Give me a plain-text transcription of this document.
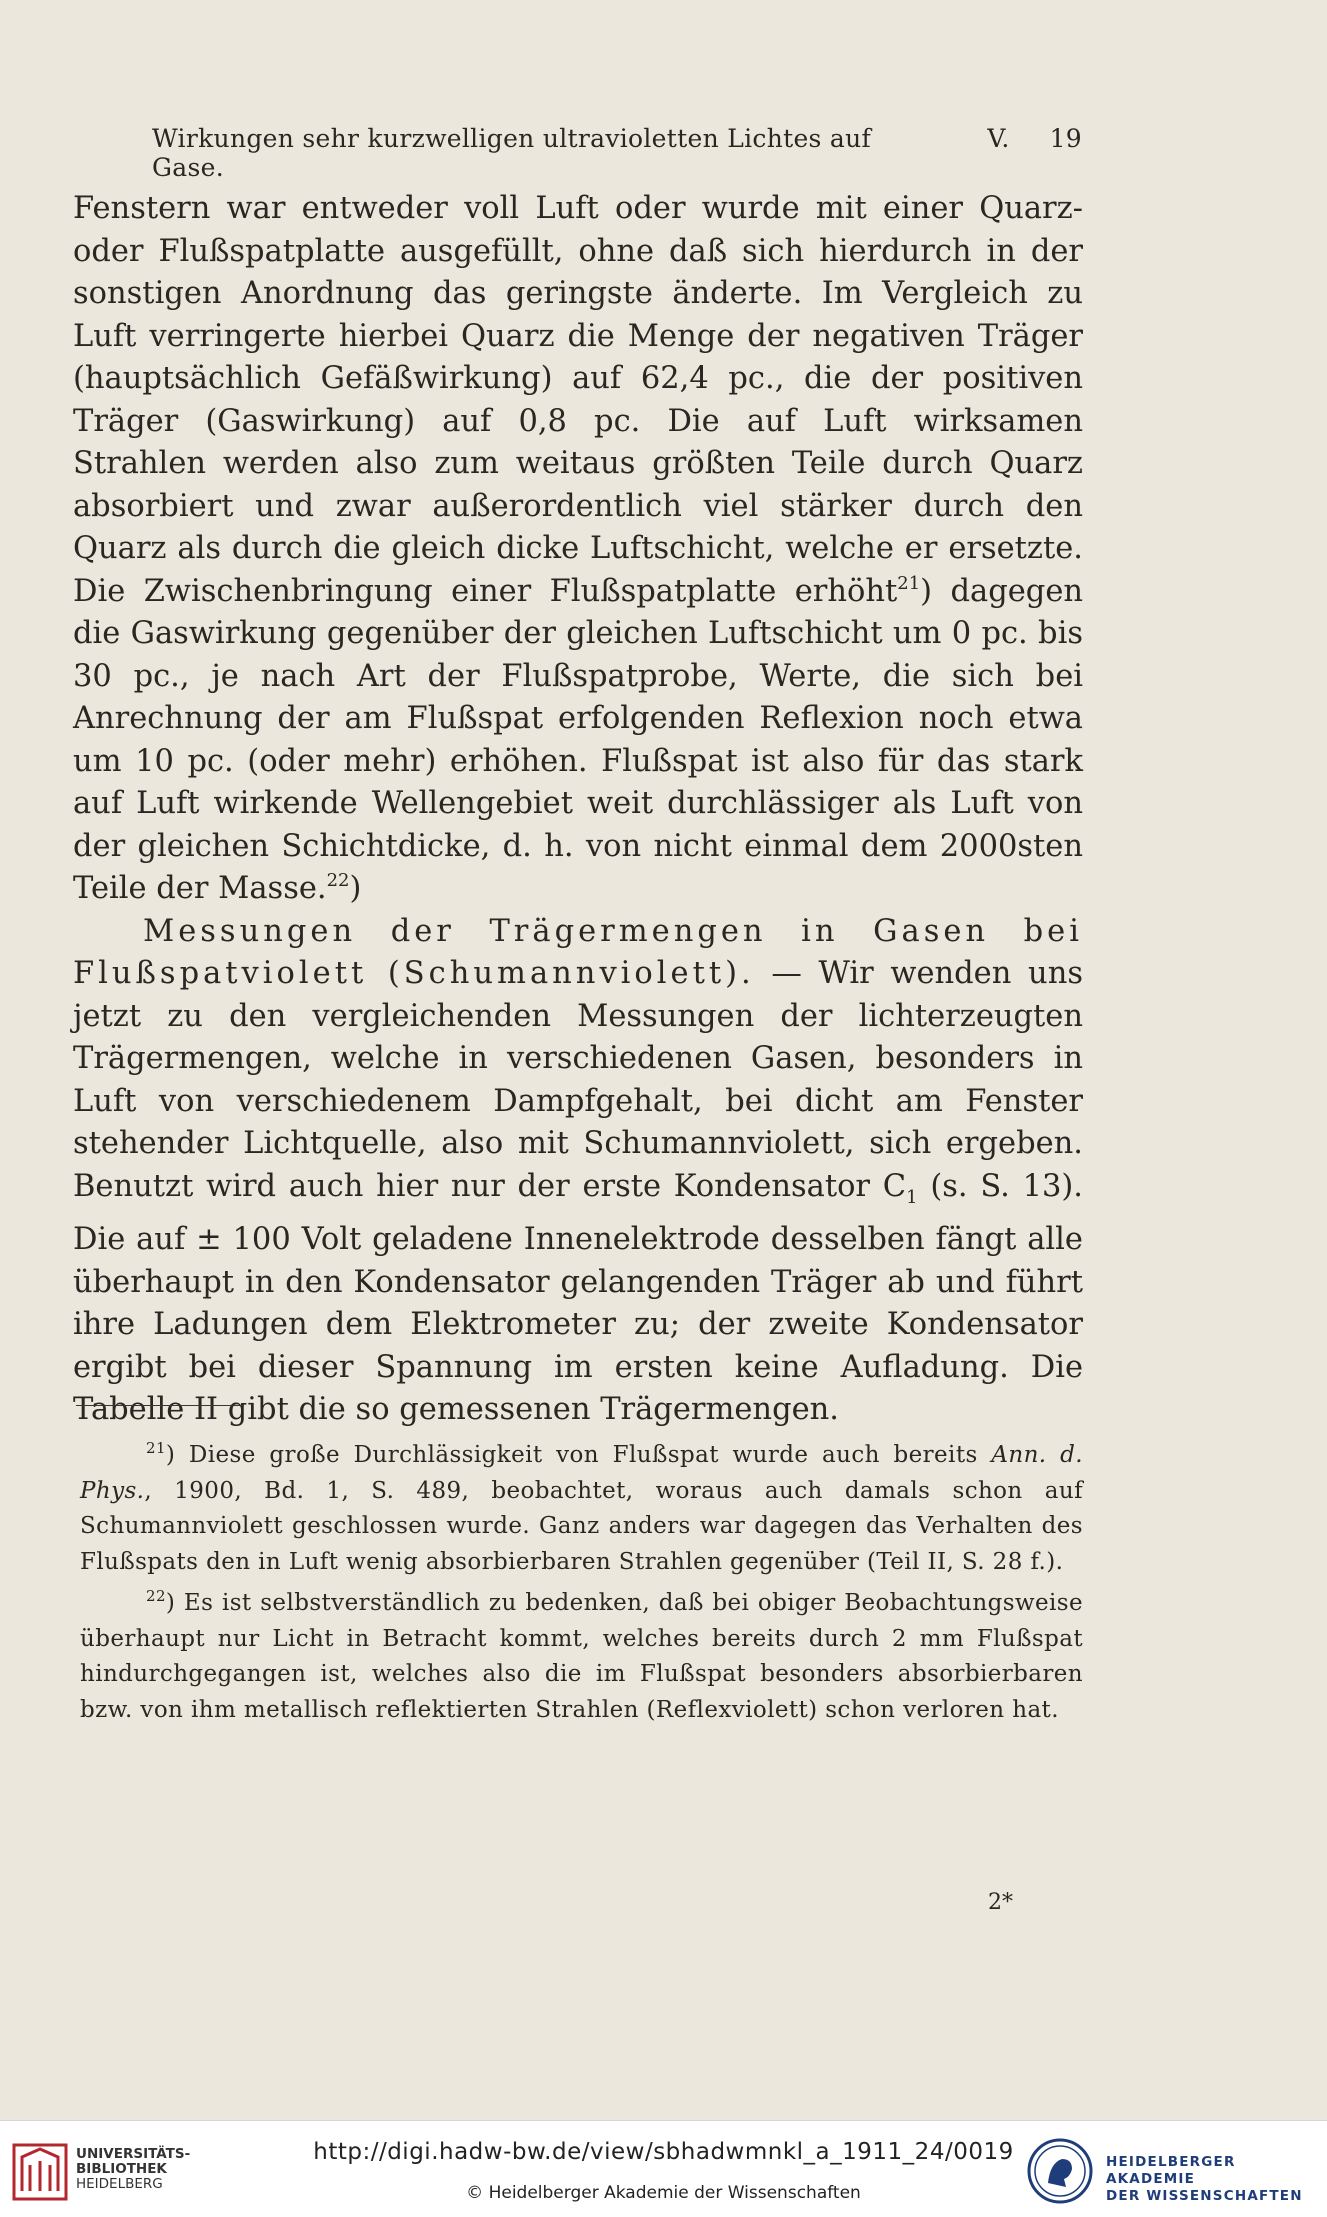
Wirkungen sehr kurzwelligen ultravioletten Lichtes auf Gase.
V.	19

Fenstern war entweder voll Luft oder wurde mit einer Quarz- oder Flußspatplatte ausgefüllt, ohne daß sich hierdurch in der sonstigen Anordnung das geringste änderte. Im Vergleich zu Luft verringerte hierbei Quarz die Menge der negativen Träger (hauptsächlich Gefäßwirkung) auf 62,4 pc., die der positiven Träger (Gaswirkung) auf 0,8 pc. Die auf Luft wirksamen Strahlen werden also zum weitaus größten Teile durch Quarz absorbiert und zwar außerordentlich viel stärker durch den Quarz als durch die gleich dicke Luftschicht, welche er ersetzte. Die Zwischenbringung einer Flußspatplatte erhöht$^{21}$) dagegen die Gaswirkung gegenüber der gleichen Luftschicht um 0 pc. bis 30 pc., je nach Art der Flußspatprobe, Werte, die sich bei Anrechnung der am Flußspat erfolgenden Reflexion noch etwa um 10 pc. (oder mehr) erhöhen. Flußspat ist also für das stark auf Luft wirkende Wellengebiet weit durchlässiger als Luft von der gleichen Schichtdicke, d. h. von nicht einmal dem 2000sten Teile der Masse.$^{22}$)

Messungen der Trägermengen in Gasen bei Flußspatviolett (Schumannviolett). — Wir wenden uns jetzt zu den vergleichenden Messungen der lichterzeugten Trägermengen, welche in verschiedenen Gasen, besonders in Luft von verschiedenem Dampfgehalt, bei dicht am Fenster stehender Lichtquelle, also mit Schumannviolett, sich ergeben. Benutzt wird auch hier nur der erste Kondensator $C_1$ (s. S. 13). Die auf ± 100 Volt geladene Innenelektrode desselben fängt alle überhaupt in den Kondensator gelangenden Träger ab und führt ihre Ladungen dem Elektrometer zu; der zweite Kondensator ergibt bei dieser Spannung im ersten keine Aufladung. Die Tabelle II gibt die so gemessenen Trägermengen.

$^{21}$) Diese große Durchlässigkeit von Flußspat wurde auch bereits Ann. d. Phys., 1900, Bd. 1, S. 489, beobachtet, woraus auch damals schon auf Schumannviolett geschlossen wurde. Ganz anders war dagegen das Verhalten des Flußspats den in Luft wenig absorbierbaren Strahlen gegenüber (Teil II, S. 28 f.).

$^{22}$) Es ist selbstverständlich zu bedenken, daß bei obiger Beobachtungsweise überhaupt nur Licht in Betracht kommt, welches bereits durch 2 mm Flußspat hindurchgegangen ist, welches also die im Flußspat besonders absorbierbaren bzw. von ihm metallisch reflektierten Strahlen (Reflexviolett) schon verloren hat.

2*
UNIVERSITÄTS-
BIBLIOTHEK
HEIDELBERG
http://digi.hadw-bw.de/view/sbhadwmnkl_a_1911_24/0019
© Heidelberger Akademie der Wissenschaften
HEIDELBERGER AKADEMIE
DER WISSENSCHAFTEN
